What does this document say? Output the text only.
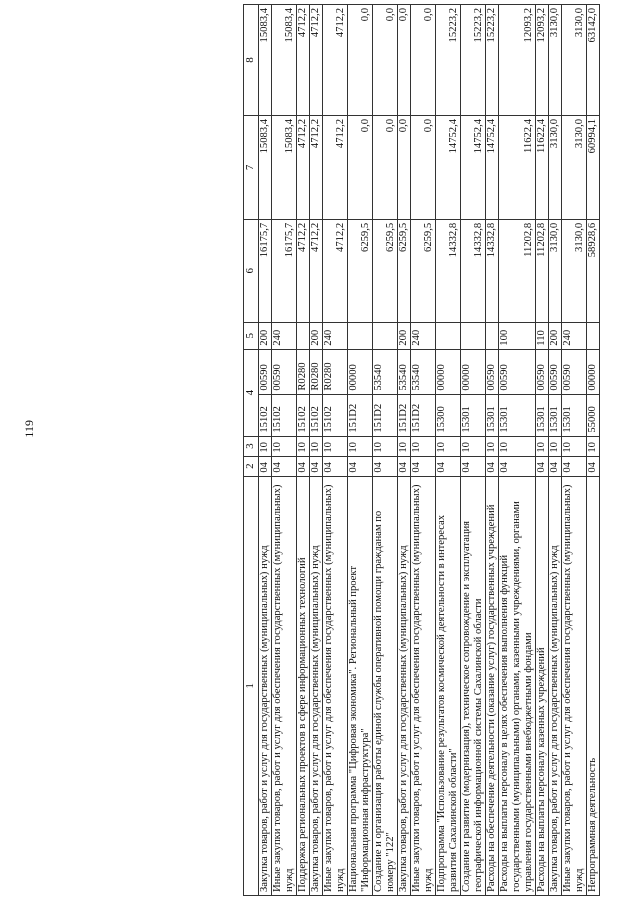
119
1	2	3	4		5	6	7	8
Закупка товаров, работ и услуг для государственных (муниципальных) нужд	04	10	15102	00590	200	16175,7	15083,4	15083,4
Иные закупки товаров, работ и услуг для обеспечения государственных (муниципальных) нужд	04	10	15102	00590	240	16175,7	15083,4	15083,4
Поддержка региональных проектов в сфере информационных технологий	04	10	15102	R0280		4712,2	4712,2	4712,2
Закупка товаров, работ и услуг для государственных (муниципальных) нужд	04	10	15102	R0280	200	4712,2	4712,2	4712,2
Иные закупки товаров, работ и услуг для обеспечения государственных (муниципальных) нужд	04	10	15102	R0280	240	4712,2	4712,2	4712,2
Национальная программа "Цифровая экономика". Региональный проект "Информационная инфраструктура"	04	10	151D2	00000		6259,5	0,0	0,0
Создание и организация работы единой службы оперативной помощи гражданам по номеру "122"	04	10	151D2	53540		6259,5	0,0	0,0
Закупка товаров, работ и услуг для государственных (муниципальных) нужд	04	10	151D2	53540	200	6259,5	0,0	0,0
Иные закупки товаров, работ и услуг для обеспечения государственных (муниципальных) нужд	04	10	151D2	53540	240	6259,5	0,0	0,0
Подпрограмма "Использование результатов космической деятельности в интересах развития Сахалинской области"	04	10	15300	00000		14332,8	14752,4	15223,2
Создание и развитие (модернизация), техническое сопровождение и эксплуатация географической информационной системы Сахалинской области	04	10	15301	00000		14332,8	14752,4	15223,2
Расходы на обеспечение деятельности (оказание услуг) государственных учреждений	04	10	15301	00590		14332,8	14752,4	15223,2
Расходы на выплаты персоналу в целях обеспечения выполнения функций государственными (муниципальными) органами, казенными учреждениями, органами управления государственными внебюджетными фондами	04	10	15301	00590	100	11202,8	11622,4	12093,2
Расходы на выплаты персоналу казенных учреждений	04	10	15301	00590	110	11202,8	11622,4	12093,2
Закупка товаров, работ и услуг для государственных (муниципальных) нужд	04	10	15301	00590	200	3130,0	3130,0	3130,0
Иные закупки товаров, работ и услуг для обеспечения государственных (муниципальных) нужд	04	10	15301	00590	240	3130,0	3130,0	3130,0
Непрограммная деятельность	04	10	55000	00000		58928,6	60994,1	63142,0
